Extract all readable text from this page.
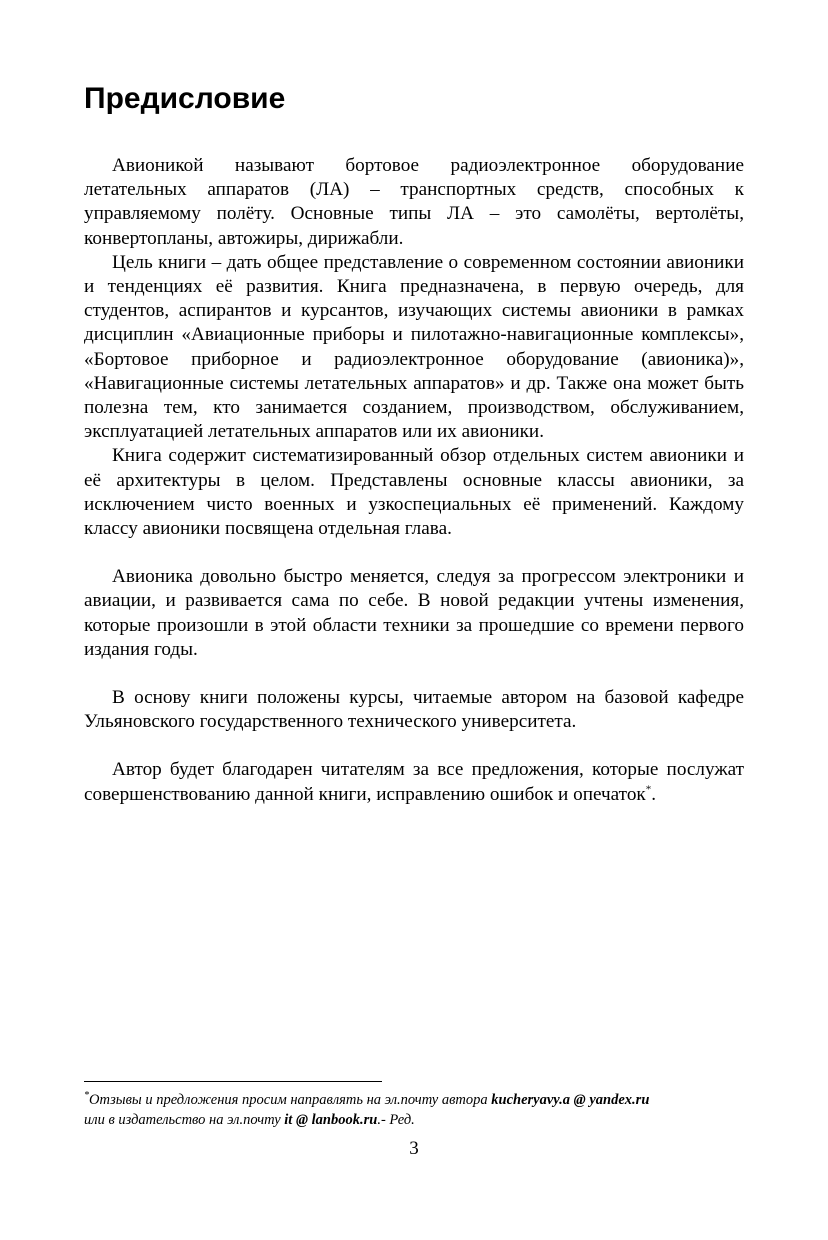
Предисловие

Авионикой называют бортовое радиоэлектронное оборудование летательных аппаратов (ЛА) – транспортных средств, способных к управляемому полёту. Основные типы ЛА – это самолёты, вертолёты, конвертопланы, автожиры, дирижабли.

Цель книги – дать общее представление о современном состоянии авионики и тенденциях её развития. Книга предназначена, в первую очередь, для студентов, аспирантов и курсантов, изучающих системы авионики в рамках дисциплин «Авиационные приборы и пилотажно-навигационные комплексы», «Бортовое приборное и радиоэлектронное оборудование (авионика)», «Навигационные системы летательных аппаратов» и др. Также она может быть полезна тем, кто занимается созданием, производством, обслуживанием, эксплуатацией летательных аппаратов или их авионики.

Книга содержит систематизированный обзор отдельных систем авионики и её архитектуры в целом. Представлены основные классы авионики, за исключением чисто военных и узкоспециальных её применений. Каждому классу авионики посвящена отдельная глава.

Авионика довольно быстро меняется, следуя за прогрессом электроники и авиации, и развивается сама по себе. В новой редакции учтены изменения, которые произошли в этой области техники за прошедшие со времени первого издания годы.

В основу книги положены курсы, читаемые автором на базовой кафедре Ульяновского государственного технического университета.

Автор будет благодарен читателям за все предложения, которые послужат совершенствованию данной книги, исправлению ошибок и опечаток*.

*Отзывы и предложения просим направлять на эл.почту автора kucheryavy.a @ yandex.ru
или в издательство на эл.почту it @ lanbook.ru.- Ред.
3
